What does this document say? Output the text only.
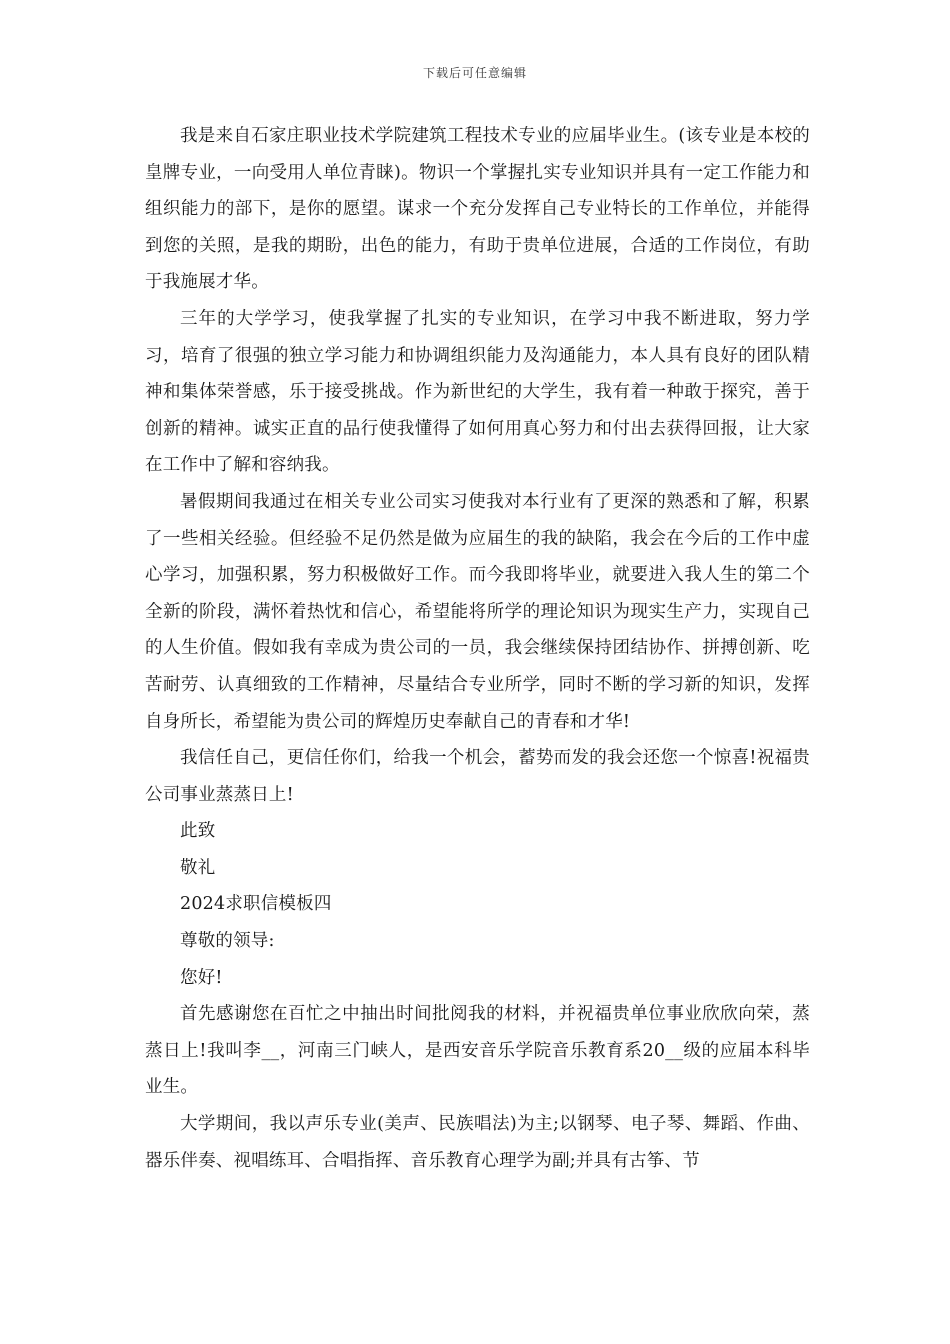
下载后可任意编辑

我是来自石家庄职业技术学院建筑工程技术专业的应届毕业生。(该专业是本校的皇牌专业，一向受用人单位青睐)。物识一个掌握扎实专业知识并具有一定工作能力和组织能力的部下，是你的愿望。谋求一个充分发挥自己专业特长的工作单位，并能得到您的关照，是我的期盼，出色的能力，有助于贵单位进展，合适的工作岗位，有助于我施展才华。

三年的大学学习，使我掌握了扎实的专业知识，在学习中我不断进取，努力学习，培育了很强的独立学习能力和协调组织能力及沟通能力，本人具有良好的团队精神和集体荣誉感，乐于接受挑战。作为新世纪的大学生，我有着一种敢于探究，善于创新的精神。诚实正直的品行使我懂得了如何用真心努力和付出去获得回报，让大家在工作中了解和容纳我。

暑假期间我通过在相关专业公司实习使我对本行业有了更深的熟悉和了解，积累了一些相关经验。但经验不足仍然是做为应届生的我的缺陷，我会在今后的工作中虚心学习，加强积累，努力积极做好工作。而今我即将毕业，就要进入我人生的第二个全新的阶段，满怀着热忱和信心，希望能将所学的理论知识为现实生产力，实现自己的人生价值。假如我有幸成为贵公司的一员，我会继续保持团结协作、拼搏创新、吃苦耐劳、认真细致的工作精神，尽量结合专业所学，同时不断的学习新的知识，发挥自身所长，希望能为贵公司的辉煌历史奉献自己的青春和才华!

我信任自己，更信任你们，给我一个机会，蓄势而发的我会还您一个惊喜!祝福贵公司事业蒸蒸日上!

此致

敬礼

2024求职信模板四

尊敬的领导:

您好!

首先感谢您在百忙之中抽出时间批阅我的材料，并祝福贵单位事业欣欣向荣，蒸蒸日上!我叫李__，河南三门峡人，是西安音乐学院音乐教育系20__级的应届本科毕业生。

大学期间，我以声乐专业(美声、民族唱法)为主;以钢琴、电子琴、舞蹈、作曲、器乐伴奏、视唱练耳、合唱指挥、音乐教育心理学为副;并具有古筝、节
